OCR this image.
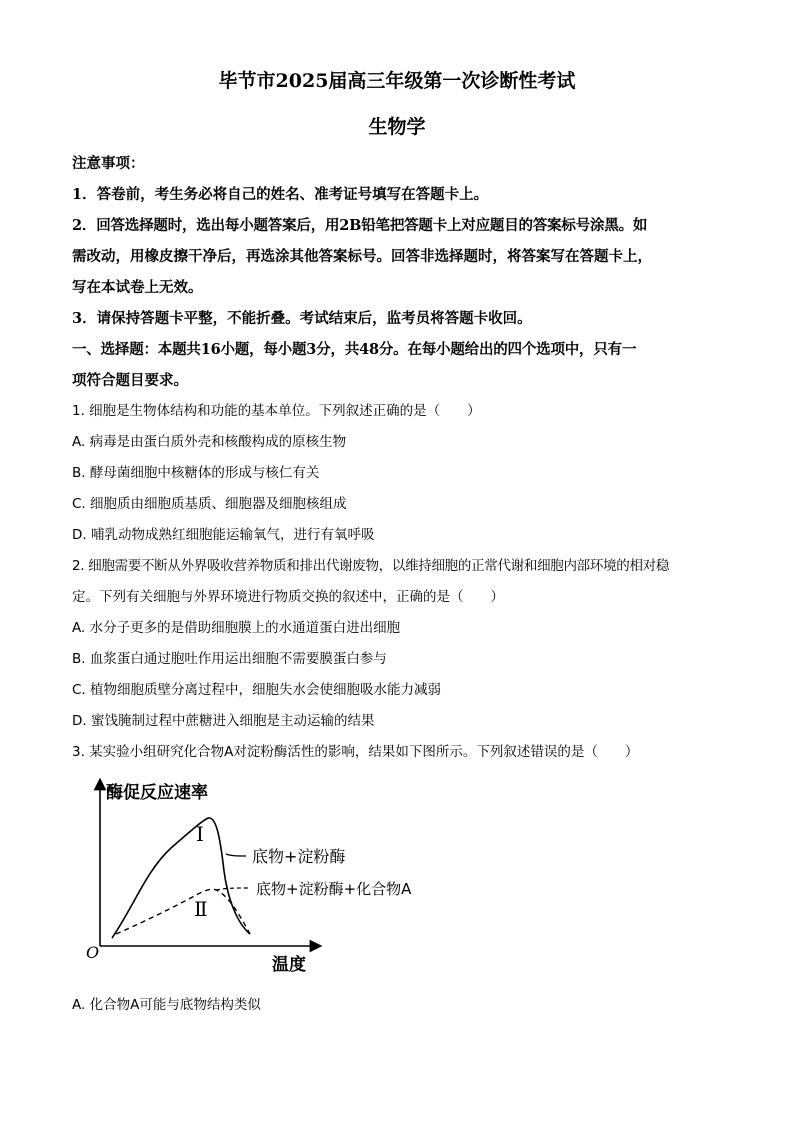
毕节市2025届高三年级第一次诊断性考试
生物学
注意事项：
1．答卷前，考生务必将自己的姓名、准考证号填写在答题卡上。
2．回答选择题时，选出每小题答案后，用2B铅笔把答题卡上对应题目的答案标号涂黑。如
需改动，用橡皮擦干净后，再选涂其他答案标号。回答非选择题时，将答案写在答题卡上，
写在本试卷上无效。
3．请保持答题卡平整，不能折叠。考试结束后，监考员将答题卡收回。
一、选择题：本题共16小题，每小题3分，共48分。在每小题给出的四个选项中，只有一
项符合题目要求。
1. 细胞是生物体结构和功能的基本单位。下列叙述正确的是（　　）
A. 病毒是由蛋白质外壳和核酸构成的原核生物
B. 酵母菌细胞中核糖体的形成与核仁有关
C. 细胞质由细胞质基质、细胞器及细胞核组成
D. 哺乳动物成熟红细胞能运输氧气，进行有氧呼吸
2. 细胞需要不断从外界吸收营养物质和排出代谢废物，以维持细胞的正常代谢和细胞内部环境的相对稳
定。下列有关细胞与外界环境进行物质交换的叙述中，正确的是（　　）
A. 水分子更多的是借助细胞膜上的水通道蛋白进出细胞
B. 血浆蛋白通过胞吐作用运出细胞不需要膜蛋白参与
C. 植物细胞质壁分离过程中，细胞失水会使细胞吸水能力减弱
D. 蜜饯腌制过程中蔗糖进入细胞是主动运输的结果
3. 某实验小组研究化合物A对淀粉酶活性的影响，结果如下图所示。下列叙述错误的是（　　）
酶促反应速率
温度
O
Ⅰ
底物+淀粉酶
Ⅱ
底物+淀粉酶+化合物A
A. 化合物A可能与底物结构类似
